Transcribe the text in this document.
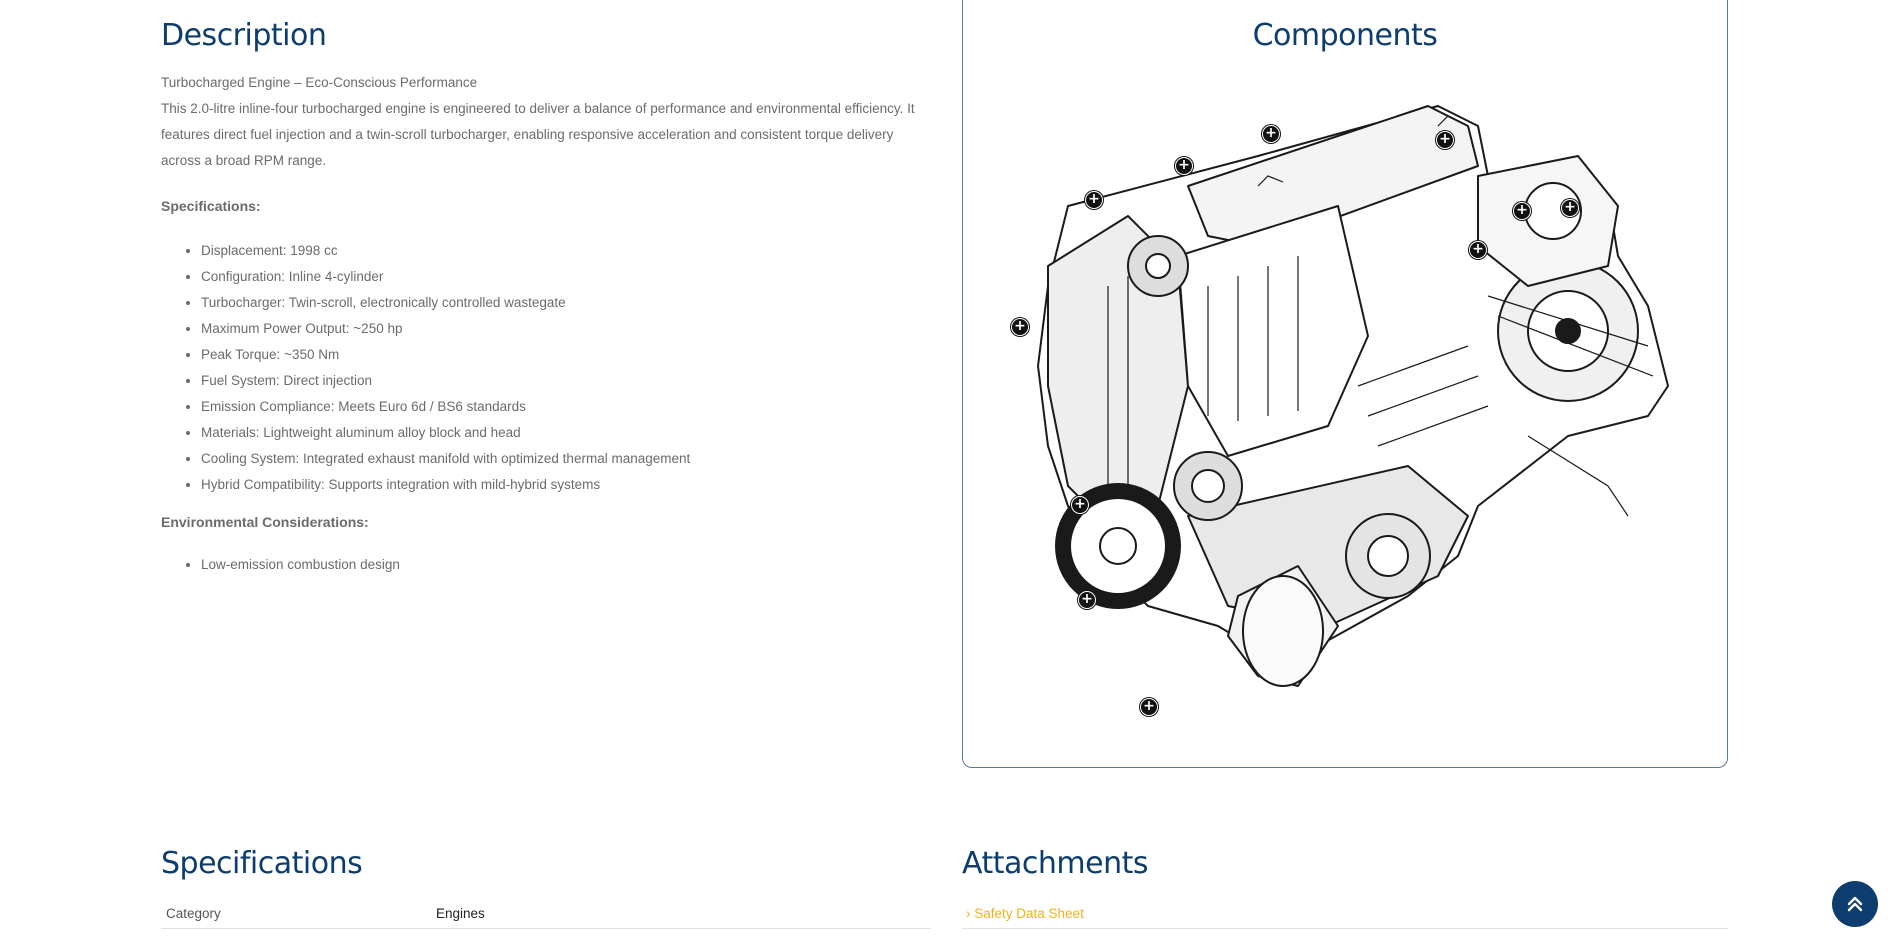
Description

Turbocharged Engine – Eco-Conscious Performance

This 2.0-litre inline-four turbocharged engine is engineered to deliver a balance of performance and environmental efficiency. It features direct fuel injection and a twin-scroll turbocharger, enabling responsive acceleration and consistent torque delivery across a broad RPM range.

Specifications:
• Displacement: 1998 cc
• Configuration: Inline 4-cylinder
• Turbocharger: Twin-scroll, electronically controlled wastegate
• Maximum Power Output: ~250 hp
• Peak Torque: ~350 Nm
• Fuel System: Direct injection
• Emission Compliance: Meets Euro 6d / BS6 standards
• Materials: Lightweight aluminum alloy block and head
• Cooling System: Integrated exhaust manifold with optimized thermal management
• Hybrid Compatibility: Supports integration with mild-hybrid systems
Environmental Considerations:
• Low-emission combustion design
Components
+	+
+
+
+	+
+
+
+
+
+
Specifications
Category	Engines
Attachments
› Safety Data Sheet
